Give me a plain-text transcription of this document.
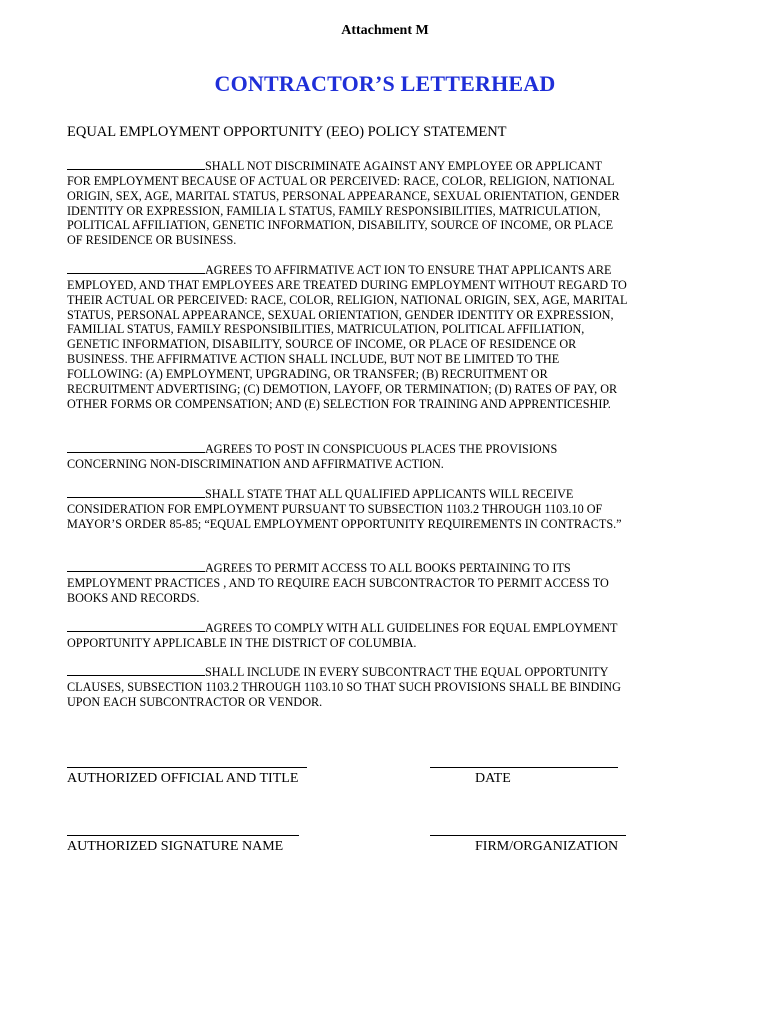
Attachment M
CONTRACTOR’S LETTERHEAD
EQUAL EMPLOYMENT OPPORTUNITY (EEO) POLICY STATEMENT
SHALL NOT DISCRIMINATE AGAINST ANY EMPLOYEE OR APPLICANT FOR EMPLOYMENT BECAUSE OF ACTUAL OR PERCEIVED: RACE, COLOR, RELIGION, NATIONAL ORIGIN, SEX, AGE, MARITAL STATUS, PERSONAL APPEARANCE, SEXUAL ORIENTATION, GENDER IDENTITY OR EXPRESSION, FAMILIA L STATUS, FAMILY RESPONSIBILITIES, MATRICULATION, POLITICAL AFFILIATION, GENETIC INFORMATION, DISABILITY, SOURCE OF INCOME, OR PLACE OF RESIDENCE OR BUSINESS.
AGREES TO AFFIRMATIVE ACT ION TO ENSURE THAT APPLICANTS ARE EMPLOYED, AND THAT EMPLOYEES ARE TREATED DURING EMPLOYMENT WITHOUT REGARD TO THEIR ACTUAL OR PERCEIVED: RACE, COLOR, RELIGION, NATIONAL ORIGIN, SEX, AGE, MARITAL STATUS, PERSONAL APPEARANCE, SEXUAL ORIENTATION, GENDER IDENTITY OR EXPRESSION, FAMILIAL STATUS, FAMILY RESPONSIBILITIES, MATRICULATION, POLITICAL AFFILIATION, GENETIC INFORMATION, DISABILITY, SOURCE OF INCOME, OR PLACE OF RESIDENCE OR BUSINESS. THE AFFIRMATIVE ACTION SHALL INCLUDE, BUT NOT BE LIMITED TO THE FOLLOWING: (A) EMPLOYMENT, UPGRADING, OR TRANSFER; (B) RECRUITMENT OR RECRUITMENT ADVERTISING; (C) DEMOTION, LAYOFF, OR TERMINATION; (D) RATES OF PAY, OR OTHER FORMS OR COMPENSATION; AND (E) SELECTION FOR TRAINING AND APPRENTICESHIP.
AGREES TO POST IN CONSPICUOUS PLACES THE PROVISIONS CONCERNING NON-DISCRIMINATION AND AFFIRMATIVE ACTION.
SHALL STATE THAT ALL QUALIFIED APPLICANTS WILL RECEIVE CONSIDERATION FOR EMPLOYMENT PURSUANT TO SUBSECTION 1103.2 THROUGH 1103.10 OF MAYOR’S ORDER 85-85; “EQUAL EMPLOYMENT OPPORTUNITY REQUIREMENTS IN CONTRACTS.”
AGREES TO PERMIT ACCESS TO ALL BOOKS PERTAINING TO ITS EMPLOYMENT PRACTICES , AND TO REQUIRE EACH SUBCONTRACTOR TO PERMIT ACCESS TO BOOKS AND RECORDS.
AGREES TO COMPLY WITH ALL GUIDELINES FOR EQUAL EMPLOYMENT OPPORTUNITY APPLICABLE IN THE DISTRICT OF COLUMBIA.
SHALL INCLUDE IN EVERY SUBCONTRACT THE EQUAL OPPORTUNITY CLAUSES, SUBSECTION 1103.2 THROUGH 1103.10 SO THAT SUCH PROVISIONS SHALL BE BINDING UPON EACH SUBCONTRACTOR OR VENDOR.
AUTHORIZED OFFICIAL AND TITLE	DATE
AUTHORIZED SIGNATURE NAME	FIRM/ORGANIZATION
